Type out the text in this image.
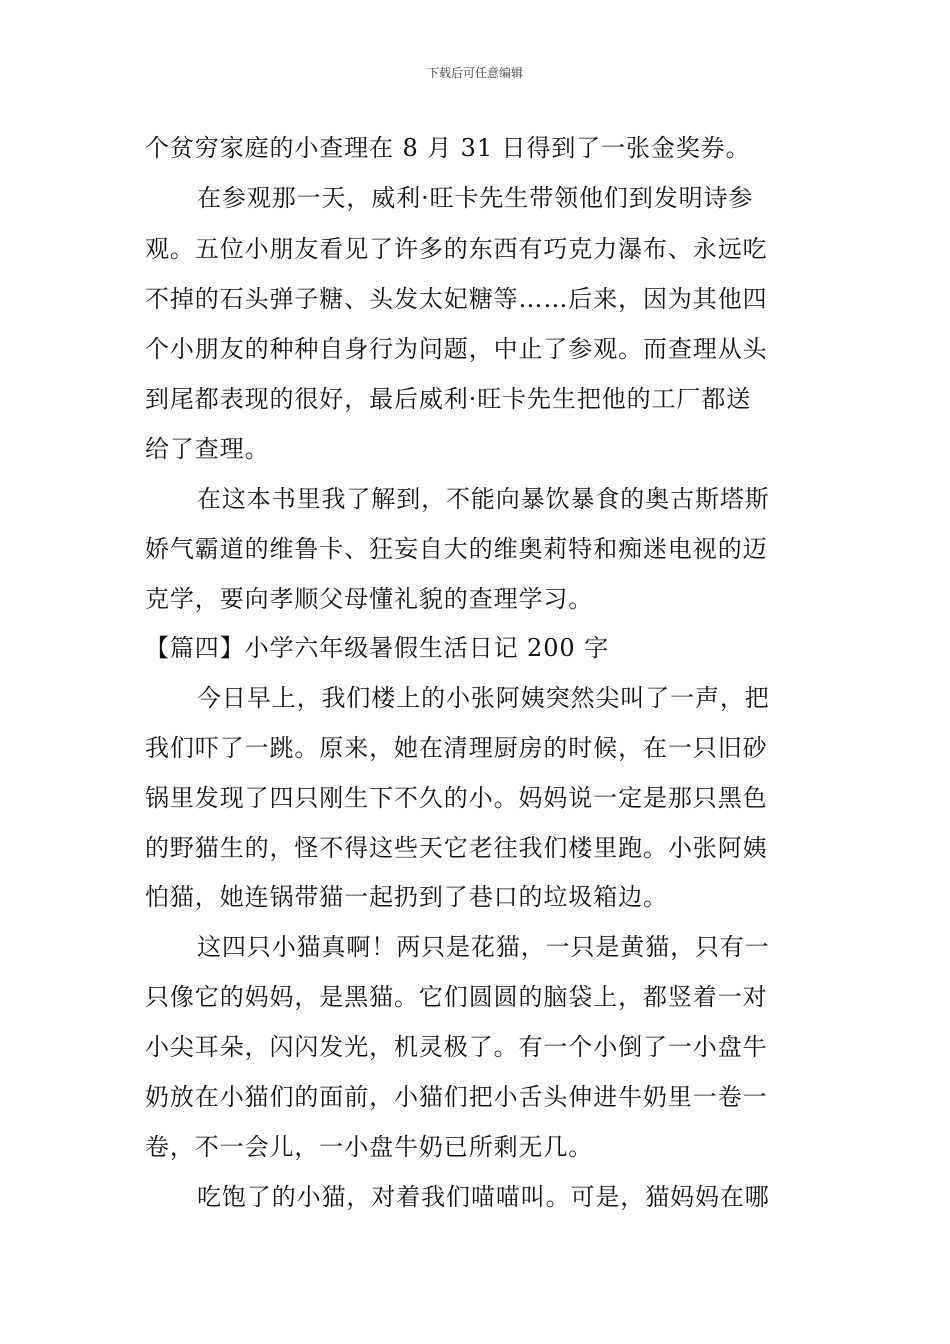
下载后可任意编辑
个贫穷家庭的小查理在 8 月 31 日得到了一张金奖券。
在参观那一天，威利·旺卡先生带领他们到发明诗参
观。五位小朋友看见了许多的东西有巧克力瀑布、永远吃
不掉的石头弹子糖、头发太妃糖等……后来，因为其他四
个小朋友的种种自身行为问题，中止了参观。而查理从头
到尾都表现的很好，最后威利·旺卡先生把他的工厂都送
给了查理。
在这本书里我了解到，不能向暴饮暴食的奥古斯塔斯
娇气霸道的维鲁卡、狂妄自大的维奥莉特和痴迷电视的迈
克学，要向孝顺父母懂礼貌的查理学习。
【篇四】小学六年级暑假生活日记 200 字
今日早上，我们楼上的小张阿姨突然尖叫了一声，把
我们吓了一跳。原来，她在清理厨房的时候，在一只旧砂
锅里发现了四只刚生下不久的小。妈妈说一定是那只黑色
的野猫生的，怪不得这些天它老往我们楼里跑。小张阿姨
怕猫，她连锅带猫一起扔到了巷口的垃圾箱边。
这四只小猫真啊！两只是花猫，一只是黄猫，只有一
只像它的妈妈，是黑猫。它们圆圆的脑袋上，都竖着一对
小尖耳朵，闪闪发光，机灵极了。有一个小倒了一小盘牛
奶放在小猫们的面前，小猫们把小舌头伸进牛奶里一卷一
卷，不一会儿，一小盘牛奶已所剩无几。
吃饱了的小猫，对着我们喵喵叫。可是，猫妈妈在哪
